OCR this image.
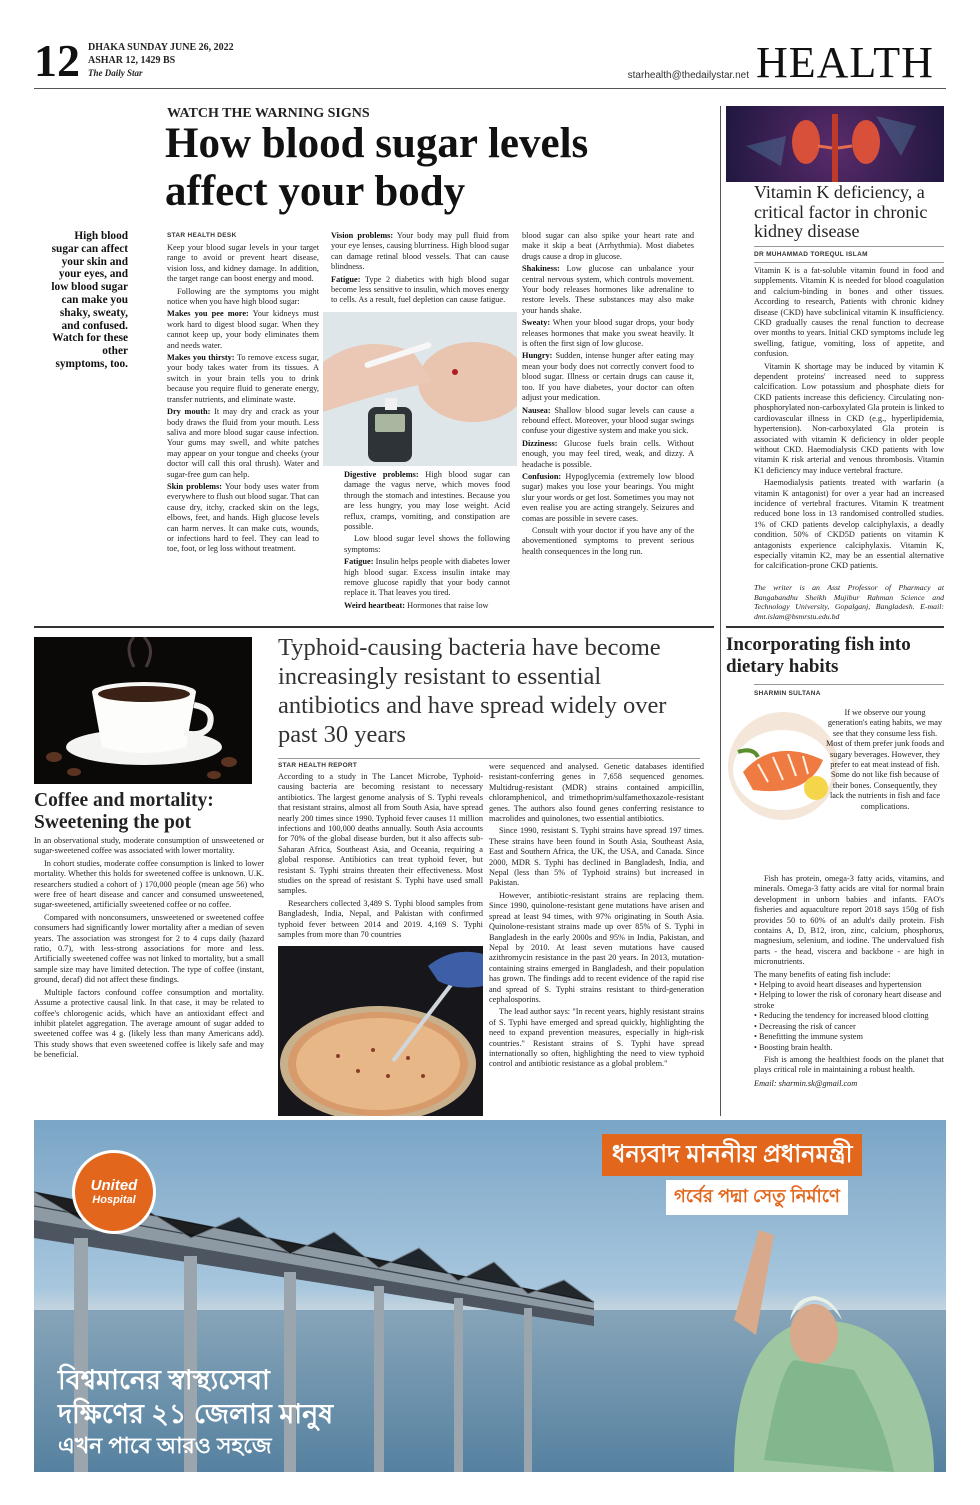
12 DHAKA SUNDAY JUNE 26, 2022
ASHAR 12, 1429 BS
The Daily Star	starhealth@thedailystar.net HEALTH
WATCH THE WARNING SIGNS
How blood sugar levels
affect your body
High blood sugar can affect your skin and your eyes, and low blood sugar can make you shaky, sweaty, and confused. Watch for these other symptoms, too.
STAR HEALTH DESK

Keep your blood sugar levels in your target range to avoid or prevent heart disease, vision loss, and kidney damage. In addition, the target range can boost energy and mood.

Following are the symptoms you might notice when you have high blood sugar:

Makes you pee more: Your kidneys must work hard to digest blood sugar. When they cannot keep up, your body eliminates them and needs water.

Makes you thirsty: To remove excess sugar, your body takes water from its tissues. A switch in your brain tells you to drink because you require fluid to generate energy, transfer nutrients, and eliminate waste.

Dry mouth: It may dry and crack as your body draws the fluid from your mouth. Less saliva and more blood sugar cause infection. Your gums may swell, and white patches may appear on your tongue and cheeks (your doctor will call this oral thrush). Water and sugar-free gum can help.

Skin problems: Your body uses water from everywhere to flush out blood sugar. That can cause dry, itchy, cracked skin on the legs, elbows, feet, and hands. High glucose levels can harm nerves. It can make cuts, wounds, or infections hard to feel. They can lead to toe, foot, or leg loss without treatment.

Vision problems: Your body may pull fluid from your eye lenses, causing blurriness. High blood sugar can damage retinal blood vessels. That can cause blindness.

Fatigue: Type 2 diabetics with high blood sugar become less sensitive to insulin, which moves energy to cells. As a result, fuel depletion can cause fatigue.

Digestive problems: High blood sugar can damage the vagus nerve, which moves food through the stomach and intestines. Because you are less hungry, you may lose weight. Acid reflux, cramps, vomiting, and constipation are possible.

Low blood sugar level shows the following symptoms:

Fatigue: Insulin helps people with diabetes lower high blood sugar. Excess insulin intake may remove glucose rapidly that your body cannot replace it. That leaves you tired.

Weird heartbeat: Hormones that raise low

blood sugar can also spike your heart rate and make it skip a beat (Arrhythmia). Most diabetes drugs cause a drop in glucose.

Shakiness: Low glucose can unbalance your central nervous system, which controls movement. Your body releases hormones like adrenaline to restore levels. These substances may also make your hands shake.

Sweaty: When your blood sugar drops, your body releases hormones that make you sweat heavily. It is often the first sign of low glucose.

Hungry: Sudden, intense hunger after eating may mean your body does not correctly convert food to blood sugar. Illness or certain drugs can cause it, too. If you have diabetes, your doctor can often adjust your medication.

Nausea: Shallow blood sugar levels can cause a rebound effect. Moreover, your blood sugar swings confuse your digestive system and make you sick.

Dizziness: Glucose fuels brain cells. Without enough, you may feel tired, weak, and dizzy. A headache is possible.

Confusion: Hypoglycemia (extremely low blood sugar) makes you lose your bearings. You might slur your words or get lost. Sometimes you may not even realise you are acting strangely. Seizures and comas are possible in severe cases.

Consult with your doctor if you have any of the abovementioned symptoms to prevent serious health consequences in the long run.

Vitamin K deficiency, a critical factor in chronic kidney disease
DR MUHAMMAD TOREQUL ISLAM

Vitamin K is a fat-soluble vitamin found in food and supplements. Vitamin K is needed for blood coagulation and calcium-binding in bones and other tissues. According to research, Patients with chronic kidney disease (CKD) have subclinical vitamin K insufficiency. CKD gradually causes the renal function to decrease over months to years. Initial CKD symptoms include leg swelling, fatigue, vomiting, loss of appetite, and confusion.

Vitamin K shortage may be induced by vitamin K dependent proteins' increased need to suppress calcification. Low potassium and phosphate diets for CKD patients increase this deficiency. Circulating non-phosphorylated non-carboxylated Gla protein is linked to cardiovascular illness in CKD (e.g., hyperlipidemia, hypertension). Non-carboxylated Gla protein is associated with vitamin K deficiency in older people without CKD. Haemodialysis CKD patients with low vitamin K risk arterial and venous thrombosis. Vitamin K1 deficiency may induce vertebral fracture.

Haemodialysis patients treated with warfarin (a vitamin K antagonist) for over a year had an increased incidence of vertebral fractures. Vitamin K treatment reduced bone loss in 13 randomised controlled studies. 1% of CKD patients develop calciphylaxis, a deadly condition. 50% of CKD5D patients on vitamin K antagonists experience calciphylaxis. Vitamin K, especially vitamin K2, may be an essential alternative for calcification-prone CKD patients.

The writer is an Asst Professor of Pharmacy at Bangabandhu Sheikh Mujibur Rahman Science and Technology University, Gopalganj, Bangladesh. E-mail: dmt.islam@bsmrstu.edu.bd
Incorporating fish into dietary habits
SHARMIN SULTANA
If we observe our young generation's eating habits, we may see that they consume less fish. Most of them prefer junk foods and sugary beverages. However, they prefer to eat meat instead of fish. Some do not like fish because of their bones. Consequently, they lack the nutrients in fish and face complications.

Fish has protein, omega-3 fatty acids, vitamins, and minerals. Omega-3 fatty acids are vital for normal brain development in unborn babies and infants. FAO's fisheries and aquaculture report 2018 says 150g of fish provides 50 to 60% of an adult's daily protein. Fish contains A, D, B12, iron, zinc, calcium, phosphorus, magnesium, selenium, and iodine. The undervalued fish parts - the head, viscera and backbone - are high in micronutrients.

The many benefits of eating fish include:

• Helping to avoid heart diseases and hypertension

• Helping to lower the risk of coronary heart disease and stroke

• Reducing the tendency for increased blood clotting

• Decreasing the risk of cancer

• Benefitting the immune system

• Boosting brain health.

Fish is among the healthiest foods on the planet that plays critical role in maintaining a robust health.

Email: sharmin.sk@gmail.com

Coffee and mortality: Sweetening the pot

In an observational study, moderate consumption of unsweetened or sugar-sweetened coffee was associated with lower mortality.

In cohort studies, moderate coffee consumption is linked to lower mortality. Whether this holds for sweetened coffee is unknown. U.K. researchers studied a cohort of ) 170,000 people (mean age 56) who were free of heart disease and cancer and consumed unsweetened, sugar-sweetened, artificially sweetened coffee or no coffee.

Compared with nonconsumers, unsweetened or sweetened coffee consumers had significantly lower mortality after a median of seven years. The association was strongest for 2 to 4 cups daily (hazard ratio, 0.7), with less-strong associations for more and less. Artificially sweetened coffee was not linked to mortality, but a small sample size may have limited detection. The type of coffee (instant, ground, decaf) did not affect these findings.

Multiple factors confound coffee consumption and mortality. Assume a protective causal link. In that case, it may be related to coffee's chlorogenic acids, which have an antioxidant effect and inhibit platelet aggregation. The average amount of sugar added to sweetened coffee was 4 g. (likely less than many Americans add). This study shows that even sweetened coffee is likely safe and may be beneficial.

Typhoid-causing bacteria have become increasingly resistant to essential antibiotics and have spread widely over past 30 years
STAR HEALTH REPORT

According to a study in The Lancet Microbe, Typhoid-causing bacteria are becoming resistant to necessary antibiotics. The largest genome analysis of S. Typhi reveals that resistant strains, almost all from South Asia, have spread nearly 200 times since 1990. Typhoid fever causes 11 million infections and 100,000 deaths annually. South Asia accounts for 70% of the global disease burden, but it also affects sub-Saharan Africa, Southeast Asia, and Oceania, requiring a global response. Antibiotics can treat typhoid fever, but resistant S. Typhi strains threaten their effectiveness. Most studies on the spread of resistant S. Typhi have used small samples.

Researchers collected 3,489 S. Typhi blood samples from Bangladesh, India, Nepal, and Pakistan with confirmed typhoid fever between 2014 and 2019. 4,169 S. Typhi samples from more than 70 countries

were sequenced and analysed. Genetic databases identified resistant-conferring genes in 7,658 sequenced genomes. Multidrug-resistant (MDR) strains contained ampicillin, chloramphenicol, and trimethoprim/sulfamethoxazole-resistant genes. The authors also found genes conferring resistance to macrolides and quinolones, two essential antibiotics.

Since 1990, resistant S. Typhi strains have spread 197 times. These strains have been found in South Asia, Southeast Asia, East and Southern Africa, the UK, the USA, and Canada. Since 2000, MDR S. Typhi has declined in Bangladesh, India, and Nepal (less than 5% of Typhoid strains) but increased in Pakistan.

However, antibiotic-resistant strains are replacing them. Since 1990, quinolone-resistant gene mutations have arisen and spread at least 94 times, with 97% originating in South Asia. Quinolone-resistant strains made up over 85% of S. Typhi in Bangladesh in the early 2000s and 95% in India, Pakistan, and Nepal by 2010. At least seven mutations have caused azithromycin resistance in the past 20 years. In 2013, mutation-containing strains emerged in Bangladesh, and their population has grown. The findings add to recent evidence of the rapid rise and spread of S. Typhi strains resistant to third-generation cephalosporins.

The lead author says: "In recent years, highly resistant strains of S. Typhi have emerged and spread quickly, highlighting the need to expand prevention measures, especially in high-risk countries." Resistant strains of S. Typhi have spread internationally so often, highlighting the need to view typhoid control and antibiotic resistance as a global problem."

United
Hospital
ধন্যবাদ মাননীয় প্রধানমন্ত্রী
গর্বের পদ্মা সেতু নির্মাণে
বিশ্বমানের স্বাস্থ্যসেবা
দক্ষিণের ২১ জেলার মানুষ
এখন পাবে আরও সহজে
